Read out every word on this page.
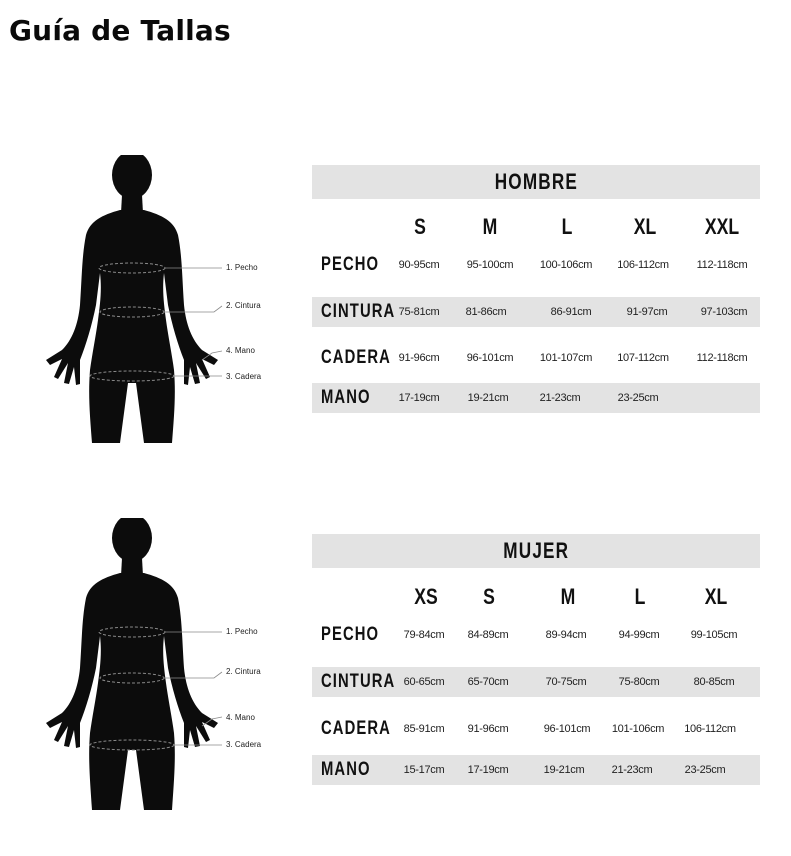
Guía de Tallas
1. Pecho
2. Cintura
4. Mano
3. Cadera
HOMBRE
S	M	L	XL	XXL
PECHO 90-95cm 95-100cm 100-106cm 106-112cm	112-118cm
CINTURA 75-81cm 81-86cm	86-91cm	91-97cm	97-103cm
CADERA 91-96cm 96-101cm 101-107cm 107-112cm	112-118cm
MANO	17-19cm	19-21cm	21-23cm	23-25cm
1. Pecho
2. Cintura
4. Mano
3. Cadera
MUJER
XS	S	M	L	XL
PECHO 79-84cm 84-89cm	89-94cm	94-99cm	99-105cm
CINTURA 60-65cm 65-70cm	70-75cm	75-80cm	80-85cm
CADERA 85-91cm 91-96cm	96-101cm 101-106cm 106-112cm
MANO	15-17cm 17-19cm	19-21cm 21-23cm	23-25cm
